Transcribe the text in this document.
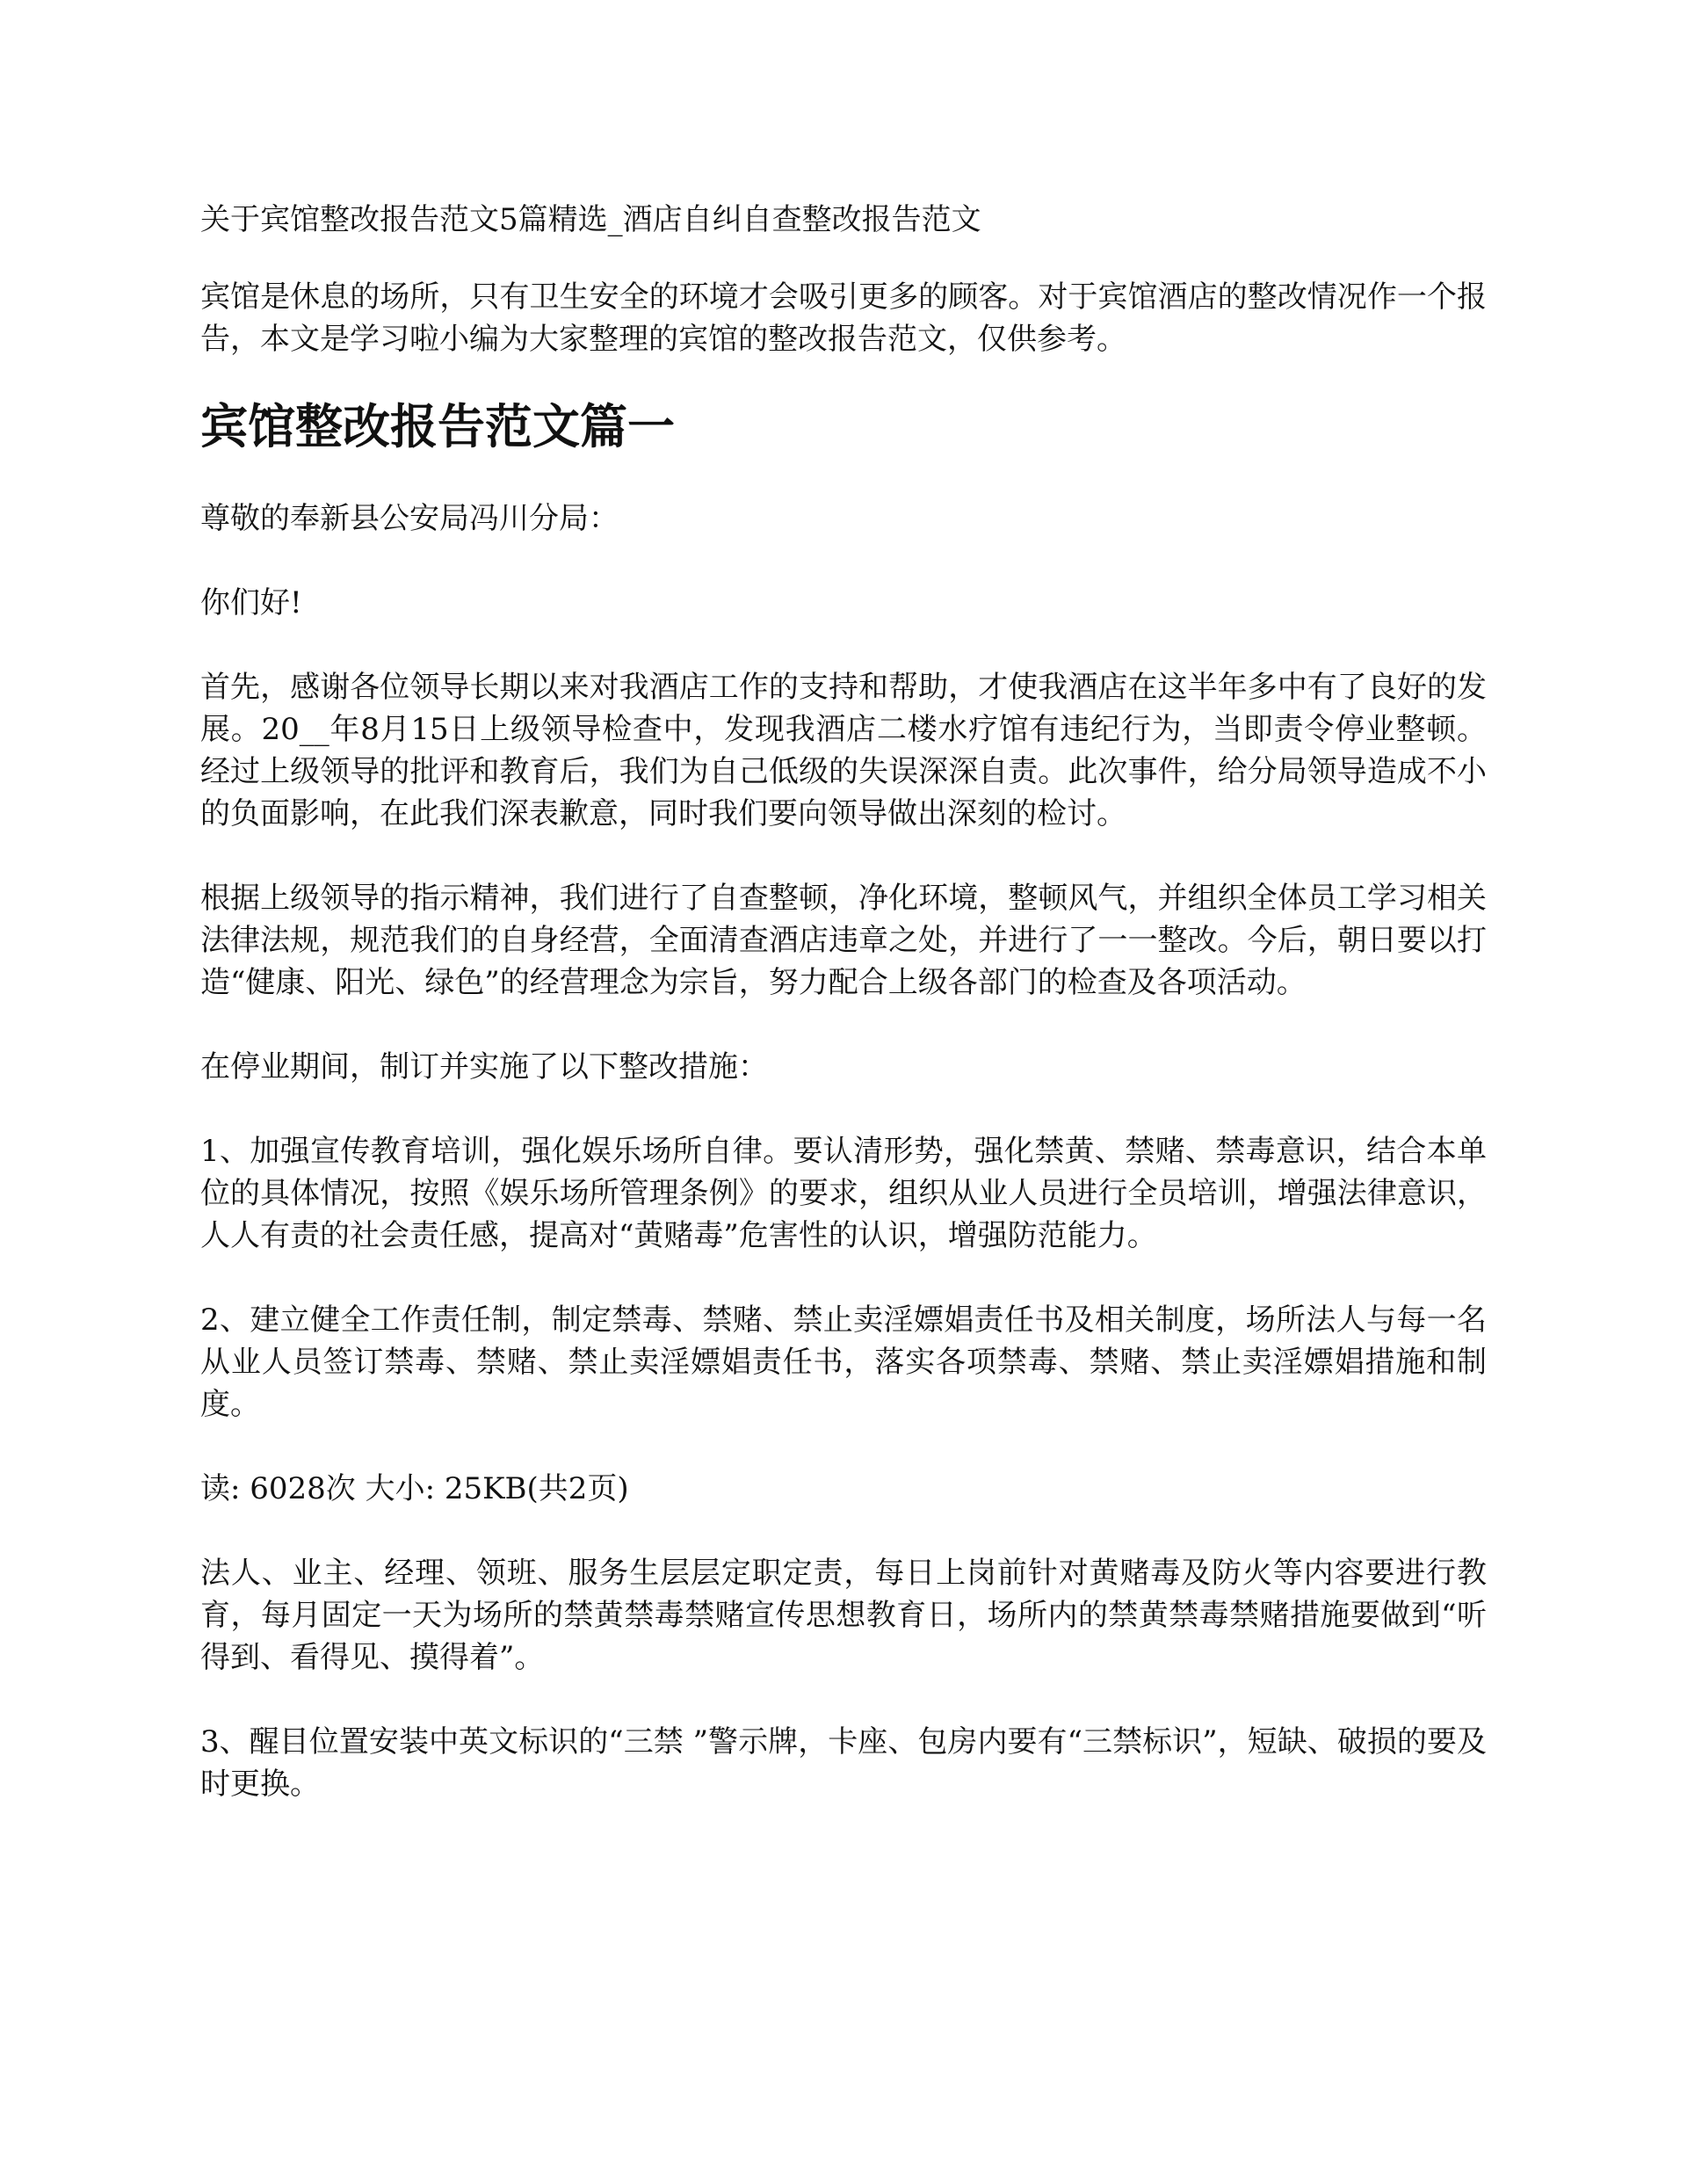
关于宾馆整改报告范文5篇精选_酒店自纠自查整改报告范文

宾馆是休息的场所，只有卫生安全的环境才会吸引更多的顾客。对于宾馆酒店的整改情况作一个报告，本文是学习啦小编为大家整理的宾馆的整改报告范文，仅供参考。

宾馆整改报告范文篇一

尊敬的奉新县公安局冯川分局：

你们好!

首先，感谢各位领导长期以来对我酒店工作的支持和帮助，才使我酒店在这半年多中有了良好的发展。20__年8月15日上级领导检查中，发现我酒店二楼水疗馆有违纪行为，当即责令停业整顿。经过上级领导的批评和教育后，我们为自己低级的失误深深自责。此次事件，给分局领导造成不小的负面影响，在此我们深表歉意，同时我们要向领导做出深刻的检讨。

根据上级领导的指示精神，我们进行了自查整顿，净化环境，整顿风气，并组织全体员工学习相关法律法规，规范我们的自身经营，全面清查酒店违章之处，并进行了一一整改。今后，朝日要以打造“健康、阳光、绿色”的经营理念为宗旨，努力配合上级各部门的检查及各项活动。

在停业期间，制订并实施了以下整改措施：

1、加强宣传教育培训，强化娱乐场所自律。要认清形势，强化禁黄、禁赌、禁毒意识，结合本单位的具体情况，按照《娱乐场所管理条例》的要求，组织从业人员进行全员培训，增强法律意识，人人有责的社会责任感，提高对“黄赌毒”危害性的认识，增强防范能力。

2、建立健全工作责任制，制定禁毒、禁赌、禁止卖淫嫖娼责任书及相关制度，场所法人与每一名从业人员签订禁毒、禁赌、禁止卖淫嫖娼责任书，落实各项禁毒、禁赌、禁止卖淫嫖娼措施和制度。

读: 6028次 大小: 25KB(共2页)

法人、业主、经理、领班、服务生层层定职定责，每日上岗前针对黄赌毒及防火等内容要进行教育，每月固定一天为场所的禁黄禁毒禁赌宣传思想教育日，场所内的禁黄禁毒禁赌措施要做到“听得到、看得见、摸得着”。

3、醒目位置安装中英文标识的“三禁 ”警示牌，卡座、包房内要有“三禁标识”，短缺、破损的要及时更换。
